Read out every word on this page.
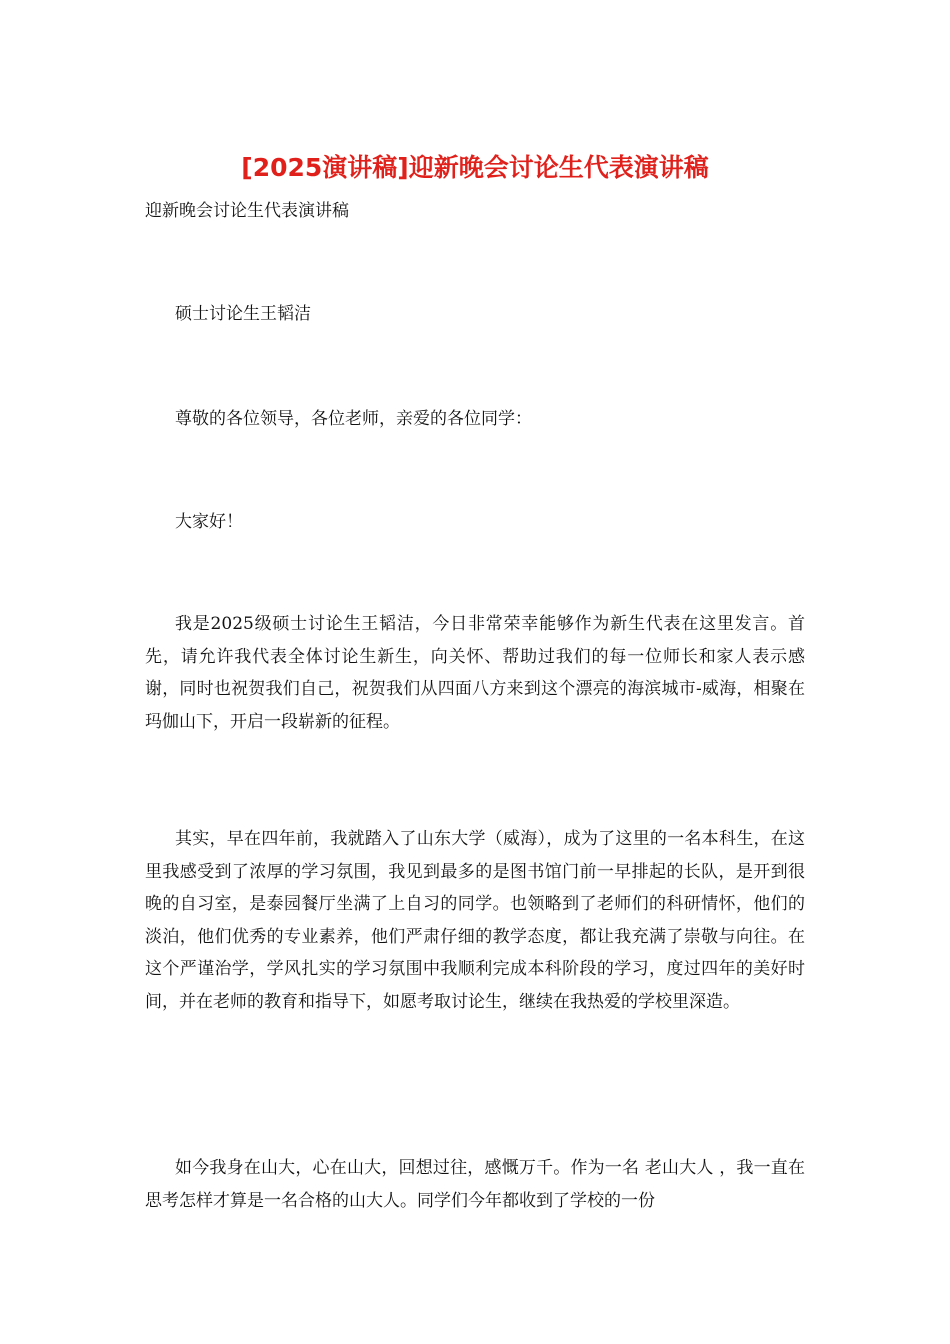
[2025演讲稿]迎新晚会讨论生代表演讲稿

迎新晚会讨论生代表演讲稿

硕士讨论生王韬洁

尊敬的各位领导，各位老师，亲爱的各位同学：

大家好！

我是2025级硕士讨论生王韬洁，今日非常荣幸能够作为新生代表在这里发言。首先，请允许我代表全体讨论生新生，向关怀、帮助过我们的每一位师长和家人表示感谢，同时也祝贺我们自己，祝贺我们从四面八方来到这个漂亮的海滨城市-威海，相聚在玛伽山下，开启一段崭新的征程。

其实，早在四年前，我就踏入了山东大学（威海），成为了这里的一名本科生，在这里我感受到了浓厚的学习氛围，我见到最多的是图书馆门前一早排起的长队，是开到很晚的自习室，是泰园餐厅坐满了上自习的同学。也领略到了老师们的科研情怀，他们的淡泊，他们优秀的专业素养，他们严肃仔细的教学态度，都让我充满了崇敬与向往。在这个严谨治学，学风扎实的学习氛围中我顺利完成本科阶段的学习，度过四年的美好时间，并在老师的教育和指导下，如愿考取讨论生，继续在我热爱的学校里深造。

如今我身在山大，心在山大，回想过往，感慨万千。作为一名 老山大人 ，我一直在思考怎样才算是一名合格的山大人。同学们今年都收到了学校的一份
